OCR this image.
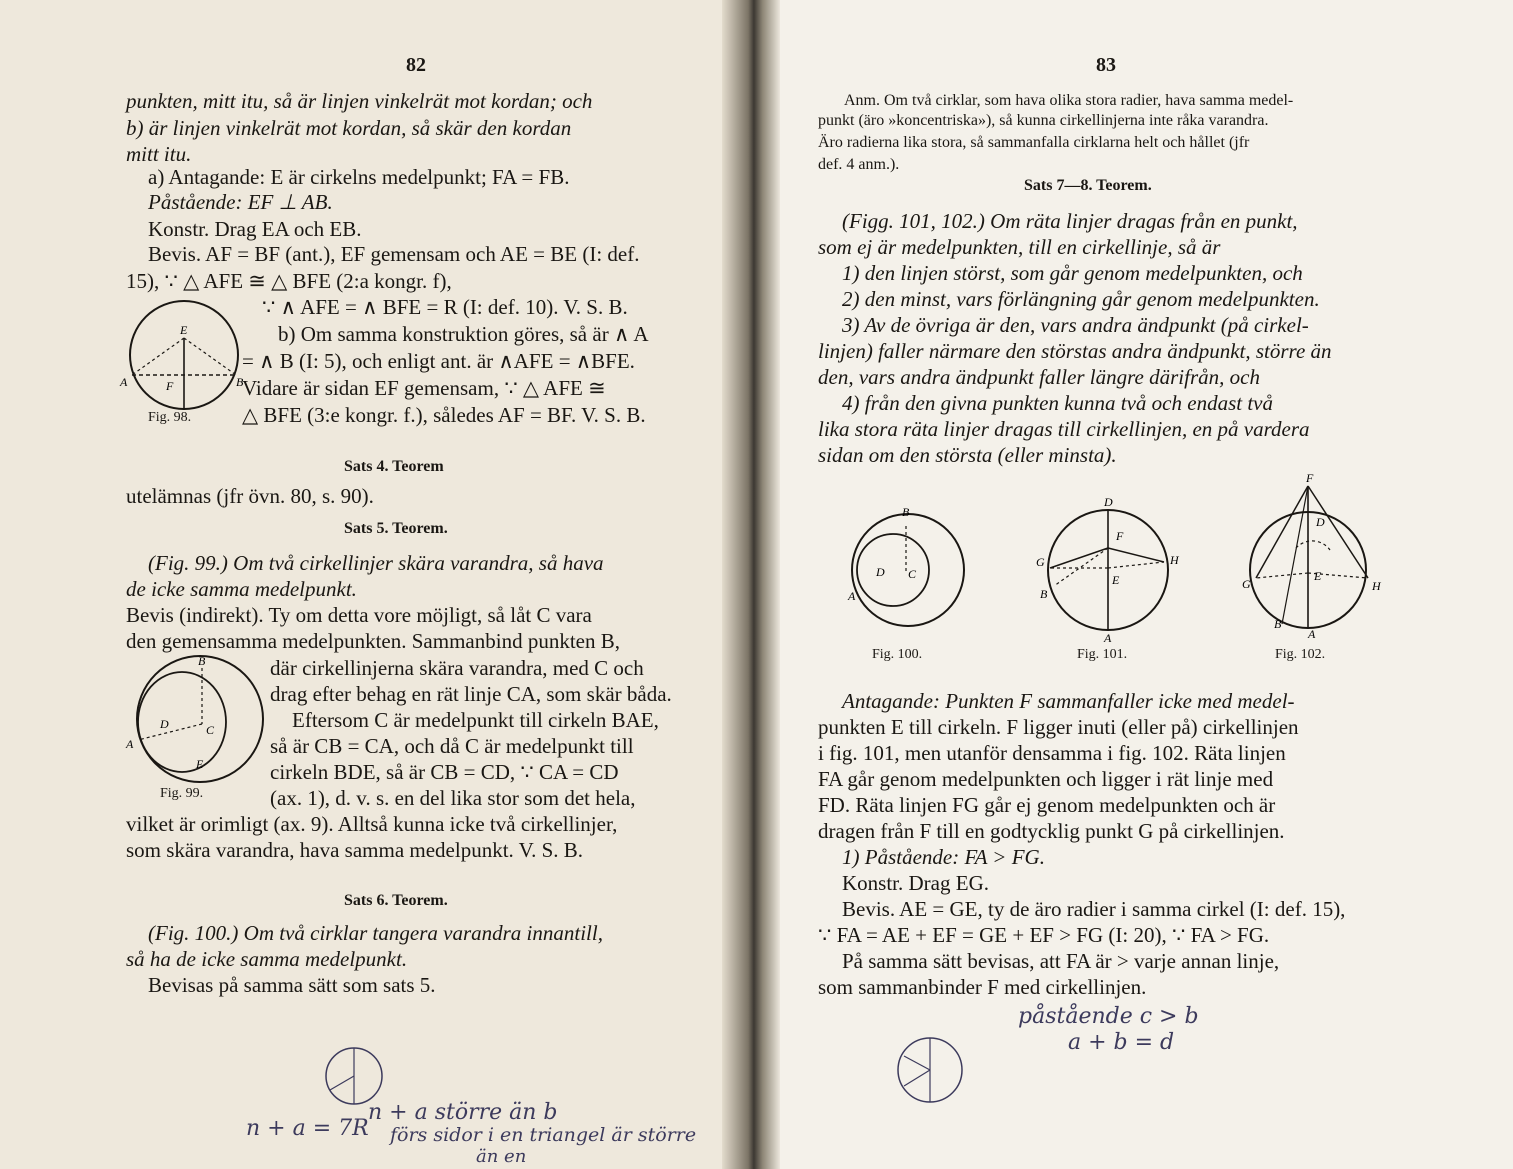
82
punkten, mitt itu, så är linjen vinkelrät mot kordan; och
b) är linjen vinkelrät mot kordan, så skär den kordan
mitt itu.
a) Antagande: E är cirkelns medelpunkt; FA = FB.
Påstående: EF ⊥ AB.
Konstr. Drag EA och EB.
Bevis. AF = BF (ant.), EF gemensam och AE = BE (I: def.
15), ∵ △ AFE ≅ △ BFE (2:a kongr. f),
∵ ∧ AFE = ∧ BFE = R (I: def. 10). V. S. B.
b) Om samma konstruktion göres, så är ∧ A
= ∧ B (I: 5), och enligt ant. är ∧AFE = ∧BFE.
Vidare är sidan EF gemensam, ∵ △ AFE ≅
△ BFE (3:e kongr. f.), således AF = BF. V. S. B.
E
F
A	B
Fig. 98.
Sats 4. Teorem
utelämnas (jfr övn. 80, s. 90).
Sats 5. Teorem.
(Fig. 99.) Om två cirkellinjer skära varandra, så hava
de icke samma medelpunkt.
Bevis (indirekt). Ty om detta vore möjligt, så låt C vara
den gemensamma medelpunkten. Sammanbind punkten B,
där cirkellinjerna skära varandra, med C och
drag efter behag en rät linje CA, som skär båda.
Eftersom C är medelpunkt till cirkeln BAE,
så är CB = CA, och då C är medelpunkt till
cirkeln BDE, så är CB = CD, ∵ CA = CD
(ax. 1), d. v. s. en del lika stor som det hela,
vilket är orimligt (ax. 9). Alltså kunna icke två cirkellinjer,
som skära varandra, hava samma medelpunkt. V. S. B.
B
D	C
A
E
Fig. 99.
Sats 6. Teorem.
(Fig. 100.) Om två cirklar tangera varandra innantill,
så ha de icke samma medelpunkt.
Bevisas på samma sätt som sats 5.
n + a = 7R
n + a större än b
förs sidor i en triangel är större
än en
83
Anm. Om två cirklar, som hava olika stora radier, hava samma medel-
punkt (äro »koncentriska»), så kunna cirkellinjerna inte råka varandra.
Äro radierna lika stora, så sammanfalla cirklarna helt och hållet (jfr
def. 4 anm.).
Sats 7—8. Teorem.
(Figg. 101, 102.) Om räta linjer dragas från en punkt,
som ej är medelpunkten, till en cirkellinje, så är
1) den linjen störst, som går genom medelpunkten, och
2) den minst, vars förlängning går genom medelpunkten.
3) Av de övriga är den, vars andra ändpunkt (på cirkel-
linjen) faller närmare den störstas andra ändpunkt, större än
den, vars andra ändpunkt faller längre därifrån, och
4) från den givna punkten kunna två och endast två
lika stora räta linjer dragas till cirkellinjen, en på vardera
sidan om den största (eller minsta).
B
D C
A
Fig. 100.
D
F
E
G	H
B
A
Fig. 101.
F
D
E
G	H
B
A
Fig. 102.
Antagande: Punkten F sammanfaller icke med medel-
punkten E till cirkeln. F ligger inuti (eller på) cirkellinjen
i fig. 101, men utanför densamma i fig. 102. Räta linjen
FA går genom medelpunkten och ligger i rät linje med
FD. Räta linjen FG går ej genom medelpunkten och är
dragen från F till en godtycklig punkt G på cirkellinjen.
1) Påstående: FA > FG.
Konstr. Drag EG.
Bevis. AE = GE, ty de äro radier i samma cirkel (I: def. 15),
∵ FA = AE + EF = GE + EF > FG (I: 20), ∵ FA > FG.
På samma sätt bevisas, att FA är > varje annan linje,
som sammanbinder F med cirkellinjen.
påstående c > b
a + b = d
